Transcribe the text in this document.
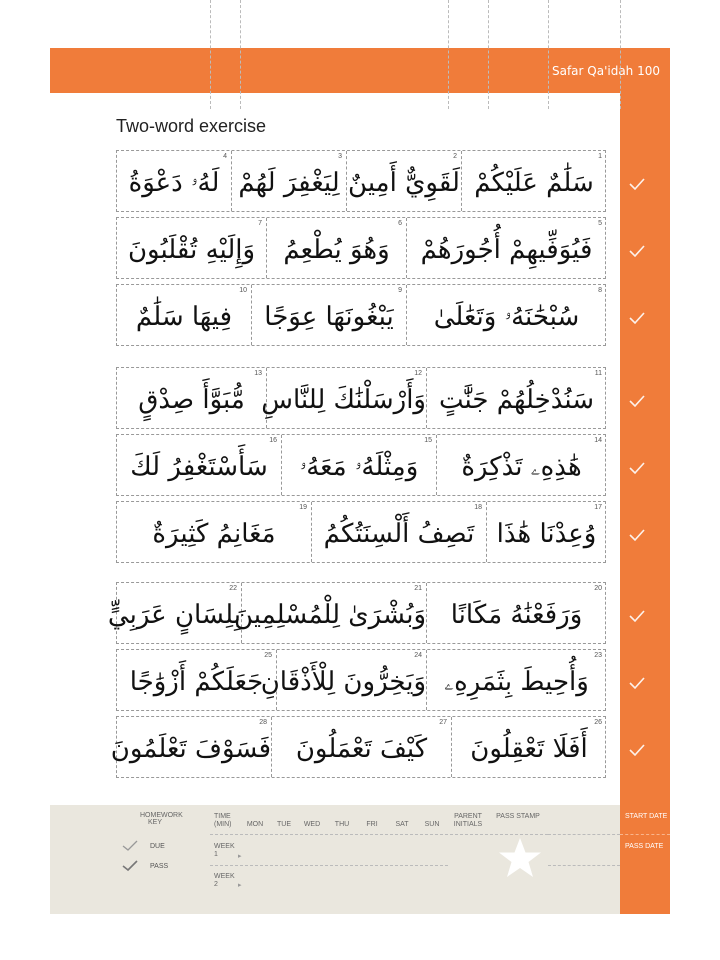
Safar Qa'idah 100
Two-word exercise
4
لَهُۥ دَعْوَةُ
3
لِيَغْفِرَ لَهُمْ
2
لَقَوِيٌّ أَمِينٌ
1
سَلَٰمٌ عَلَيْكُمْ
7
وَإِلَيْهِ تُقْلَبُونَ
6
وَهُوَ يُطْعِمُ
5
فَيُوَفِّيهِمْ أُجُورَهُمْ
10
فِيهَا سَلَٰمٌ
9
يَبْغُونَهَا عِوَجًا
8
سُبْحَٰنَهُۥ وَتَعَٰلَىٰ
13
مُّبَوَّأَ صِدْقٍ
12
وَأَرْسَلْنَٰكَ لِلنَّاسِ
11
سَنُدْخِلُهُمْ جَنَّٰتٍ
16
سَأَسْتَغْفِرُ لَكَ
15
وَمِثْلَهُۥ مَعَهُۥ
14
هَٰذِهِۦ تَذْكِرَةٌ
19
مَغَانِمُ كَثِيرَةٌ
18
تَصِفُ أَلْسِنَتُكُمُ
17
وُعِدْنَا هَٰذَا
22
بِلِسَانٍ عَرَبِيٍّ
21
وَبُشْرَىٰ لِلْمُسْلِمِينَ
20
وَرَفَعْنَٰهُ مَكَانًا
25
جَعَلَكُمْ أَزْوَٰجًا
24
وَيَخِرُّونَ لِلْأَذْقَانِ
23
وَأُحِيطَ بِثَمَرِهِۦ
28
فَسَوْفَ تَعْلَمُونَ
27
كَيْفَ تَعْمَلُونَ
26
أَفَلَا تَعْقِلُونَ
HOMEWORK KEY
DUE
PASS
TIME (MIN)	MON	TUE	WED	THU	FRI	SAT	SUN
WEEK 1	▸
WEEK 2	▸
PARENT INITIALS
PASS STAMP	START DATE
PASS DATE
